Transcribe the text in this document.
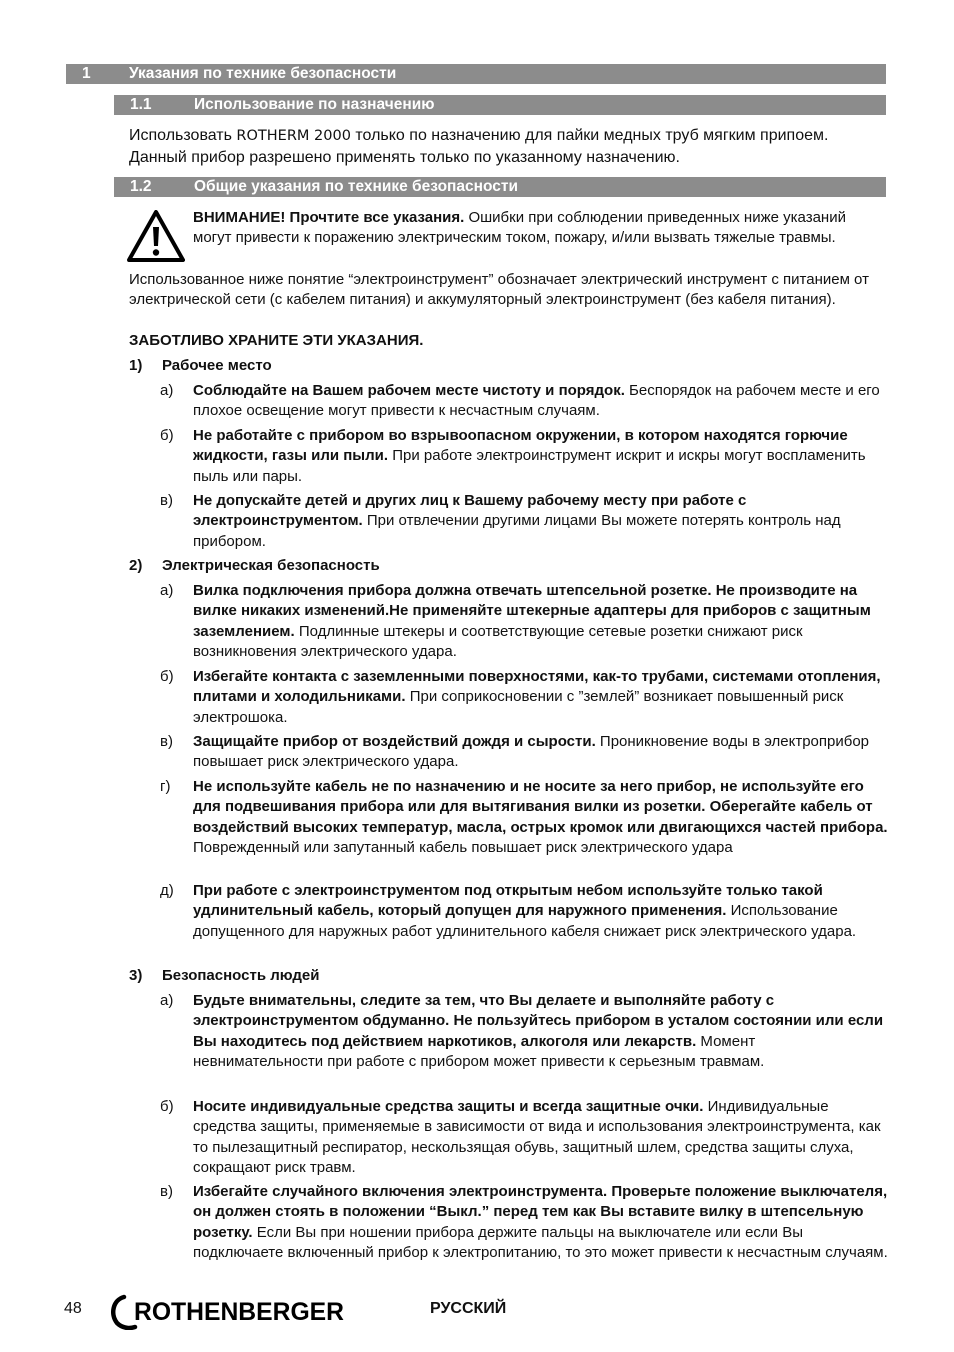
1 Указания по технике безопасности
1.1	Использование по назначению
Использовать ROTHERM 2000 только по назначению для пайки медных труб мягким припоем. Данный прибор разрешено применять только по указанному назначению.
1.2	Общие указания по технике безопасности
ВНИМАНИЕ! Прочтите все указания. Ошибки при соблюдении приведенных ниже указаний могут привести к поражению электрическим током, пожару, и/или вызвать тяжелые травмы.
Использованное ниже понятие “электроинструмент” обозначает электрический инструмент с питанием от электрической сети (с кабелем питания) и аккумуляторный электроинструмент (без кабеля питания).
ЗАБОТЛИВО ХРАНИТЕ ЭТИ УКАЗАНИЯ.
1) Рабочее место
а)	Соблюдайте на Вашем рабочем месте чистоту и порядок. Беспорядок на рабочем месте и его плохое освещение могут привести к несчастным случаям.
б)	Не работайте с прибором во взрывоопасном окружении, в котором находятся горючие жидкости, газы или пыли. При работе электроинструмент искрит и искры могут воспламенить пыль или пары.
в)	Не допускайте детей и других лиц к Вашему рабочему месту при работе с электроинструментом. При отвлечении другими лицами Вы можете потерять контроль над прибором.
2) Электрическая безопасность
а)	Вилка подключения прибора должна отвечать штепсельной розетке. Не производите на вилке никаких изменений.Не применяйте штекерные адаптеры для приборов с защитным заземлением. Подлинные штекеры и соответствующие сетевые розетки снижают риск возникновения электрического удара.
б)	Избегайте контакта с заземленными поверхностями, как-то трубами, системами отопления, плитами и холодильниками. При соприкосновении с ”землей” возникает повышенный риск электрошока.
в)	Защищайте прибор от воздействий дождя и сырости. Проникновение воды в электроприбор повышает риск электрического удара.
г)	Не используйте кабель не по назначению и не носите за него прибор, не используйте его для подвешивания прибора или для вытягивания вилки из розетки. Оберегайте кабель от воздействий высоких температур, масла, острых кромок или двигающихся частей прибора. Поврежденный или запутанный кабель повышает риск электрического удара
д)	При работе с электроинструментом под открытым небом используйте только такой удлинительный кабель, который допущен для наружного применения. Использование допущенного для наружных работ удлинительного кабеля снижает риск электрического удара.
3) Безопасность людей
а)	Будьте внимательны, следите за тем, что Вы делаете и выполняйте работу с электроинструментом обдуманно. Не пользуйтесь прибором в усталом состоянии или если Вы находитесь под действием наркотиков, алкоголя или лекарств. Момент невнимательности при работе с прибором может привести к серьезным травмам.
б)	Носите индивидуальные средства защиты и всегда защитные очки. Индивидуальные средства защиты, применяемые в зависимости от вида и использования электроинструмента, как то пылезащитный респиратор, нескользящая обувь, защитный шлем, средства защиты слуха, сокращают риск травм.
в)	Избегайте случайного включения электроинструмента. Проверьте положение выключателя, он должен стоять в положении “Выкл.” перед тем как Вы вставите вилку в штепсельную розетку. Если Вы при ношении прибора держите пальцы на выключателе или если Вы подключаете включенный прибор к электропитанию, то это может привести к несчастным случаям.
48 ROTHENBERGER	РУССКИЙ
